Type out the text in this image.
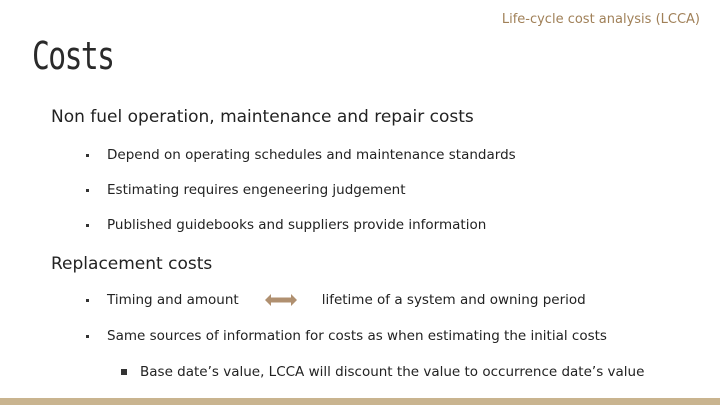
Life-cycle cost analysis (LCCA)
Costs
Non fuel operation, maintenance and repair costs
Depend on operating schedules and maintenance standards
Estimating requires engeneering judgement
Published guidebooks and suppliers provide information
Replacement costs
Timing and amount	lifetime of a system and owning period
Same sources of information for costs as when estimating the initial costs
Base date’s value, LCCA will discount the value to occurrence date’s value
